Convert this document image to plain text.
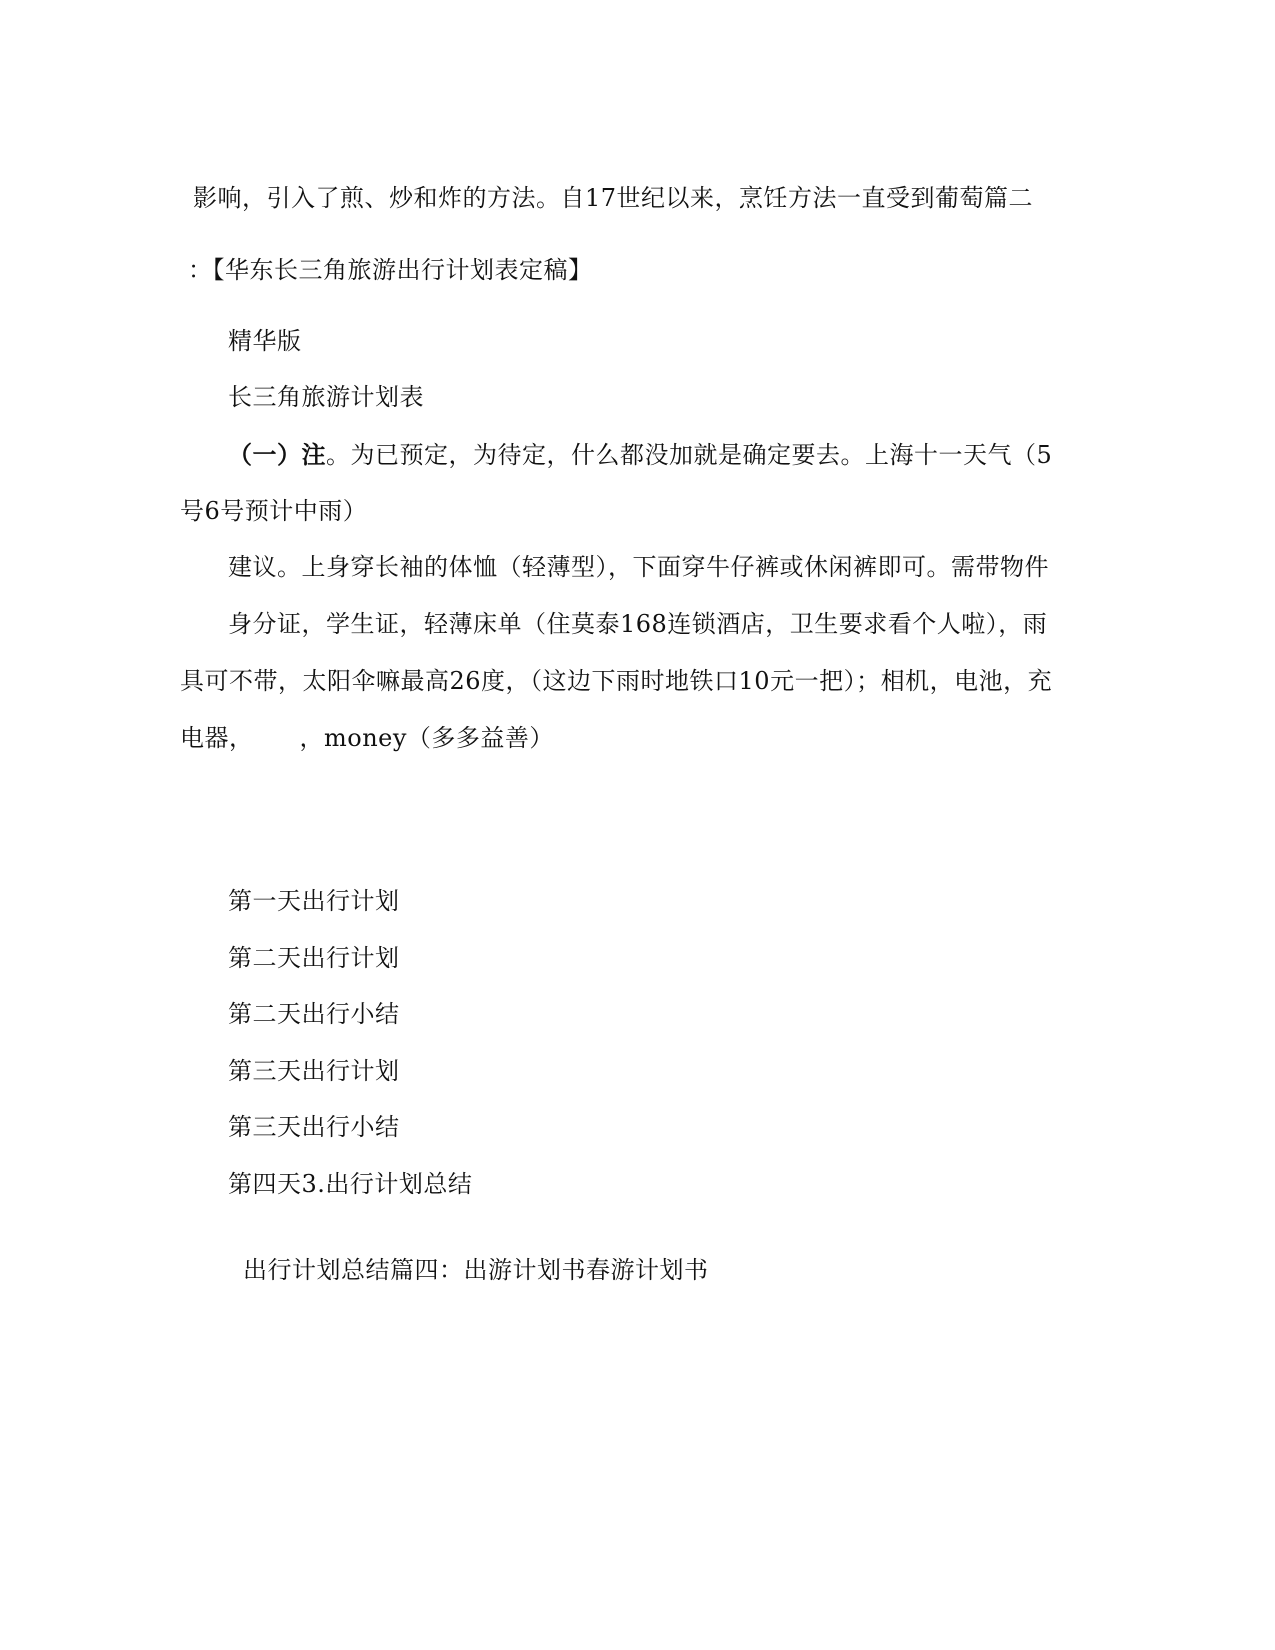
影响，引入了煎、炒和炸的方法。自17世纪以来，烹饪方法一直受到葡萄篇二
：【华东长三角旅游出行计划表定稿】
精华版
长三角旅游计划表
（一）注。为已预定，为待定，什么都没加就是确定要去。上海十一天气（5
号6号预计中雨）
建议。上身穿长袖的体恤（轻薄型），下面穿牛仔裤或休闲裤即可。需带物件
身分证，学生证，轻薄床单（住莫泰168连锁酒店，卫生要求看个人啦），雨
具可不带，太阳伞嘛最高26度，（这边下雨时地铁口10元一把）；相机，电池，充
电器， ，money（多多益善）
第一天出行计划
第二天出行计划
第二天出行小结
第三天出行计划
第三天出行小结
第四天3.出行计划总结
出行计划总结篇四：出游计划书春游计划书
